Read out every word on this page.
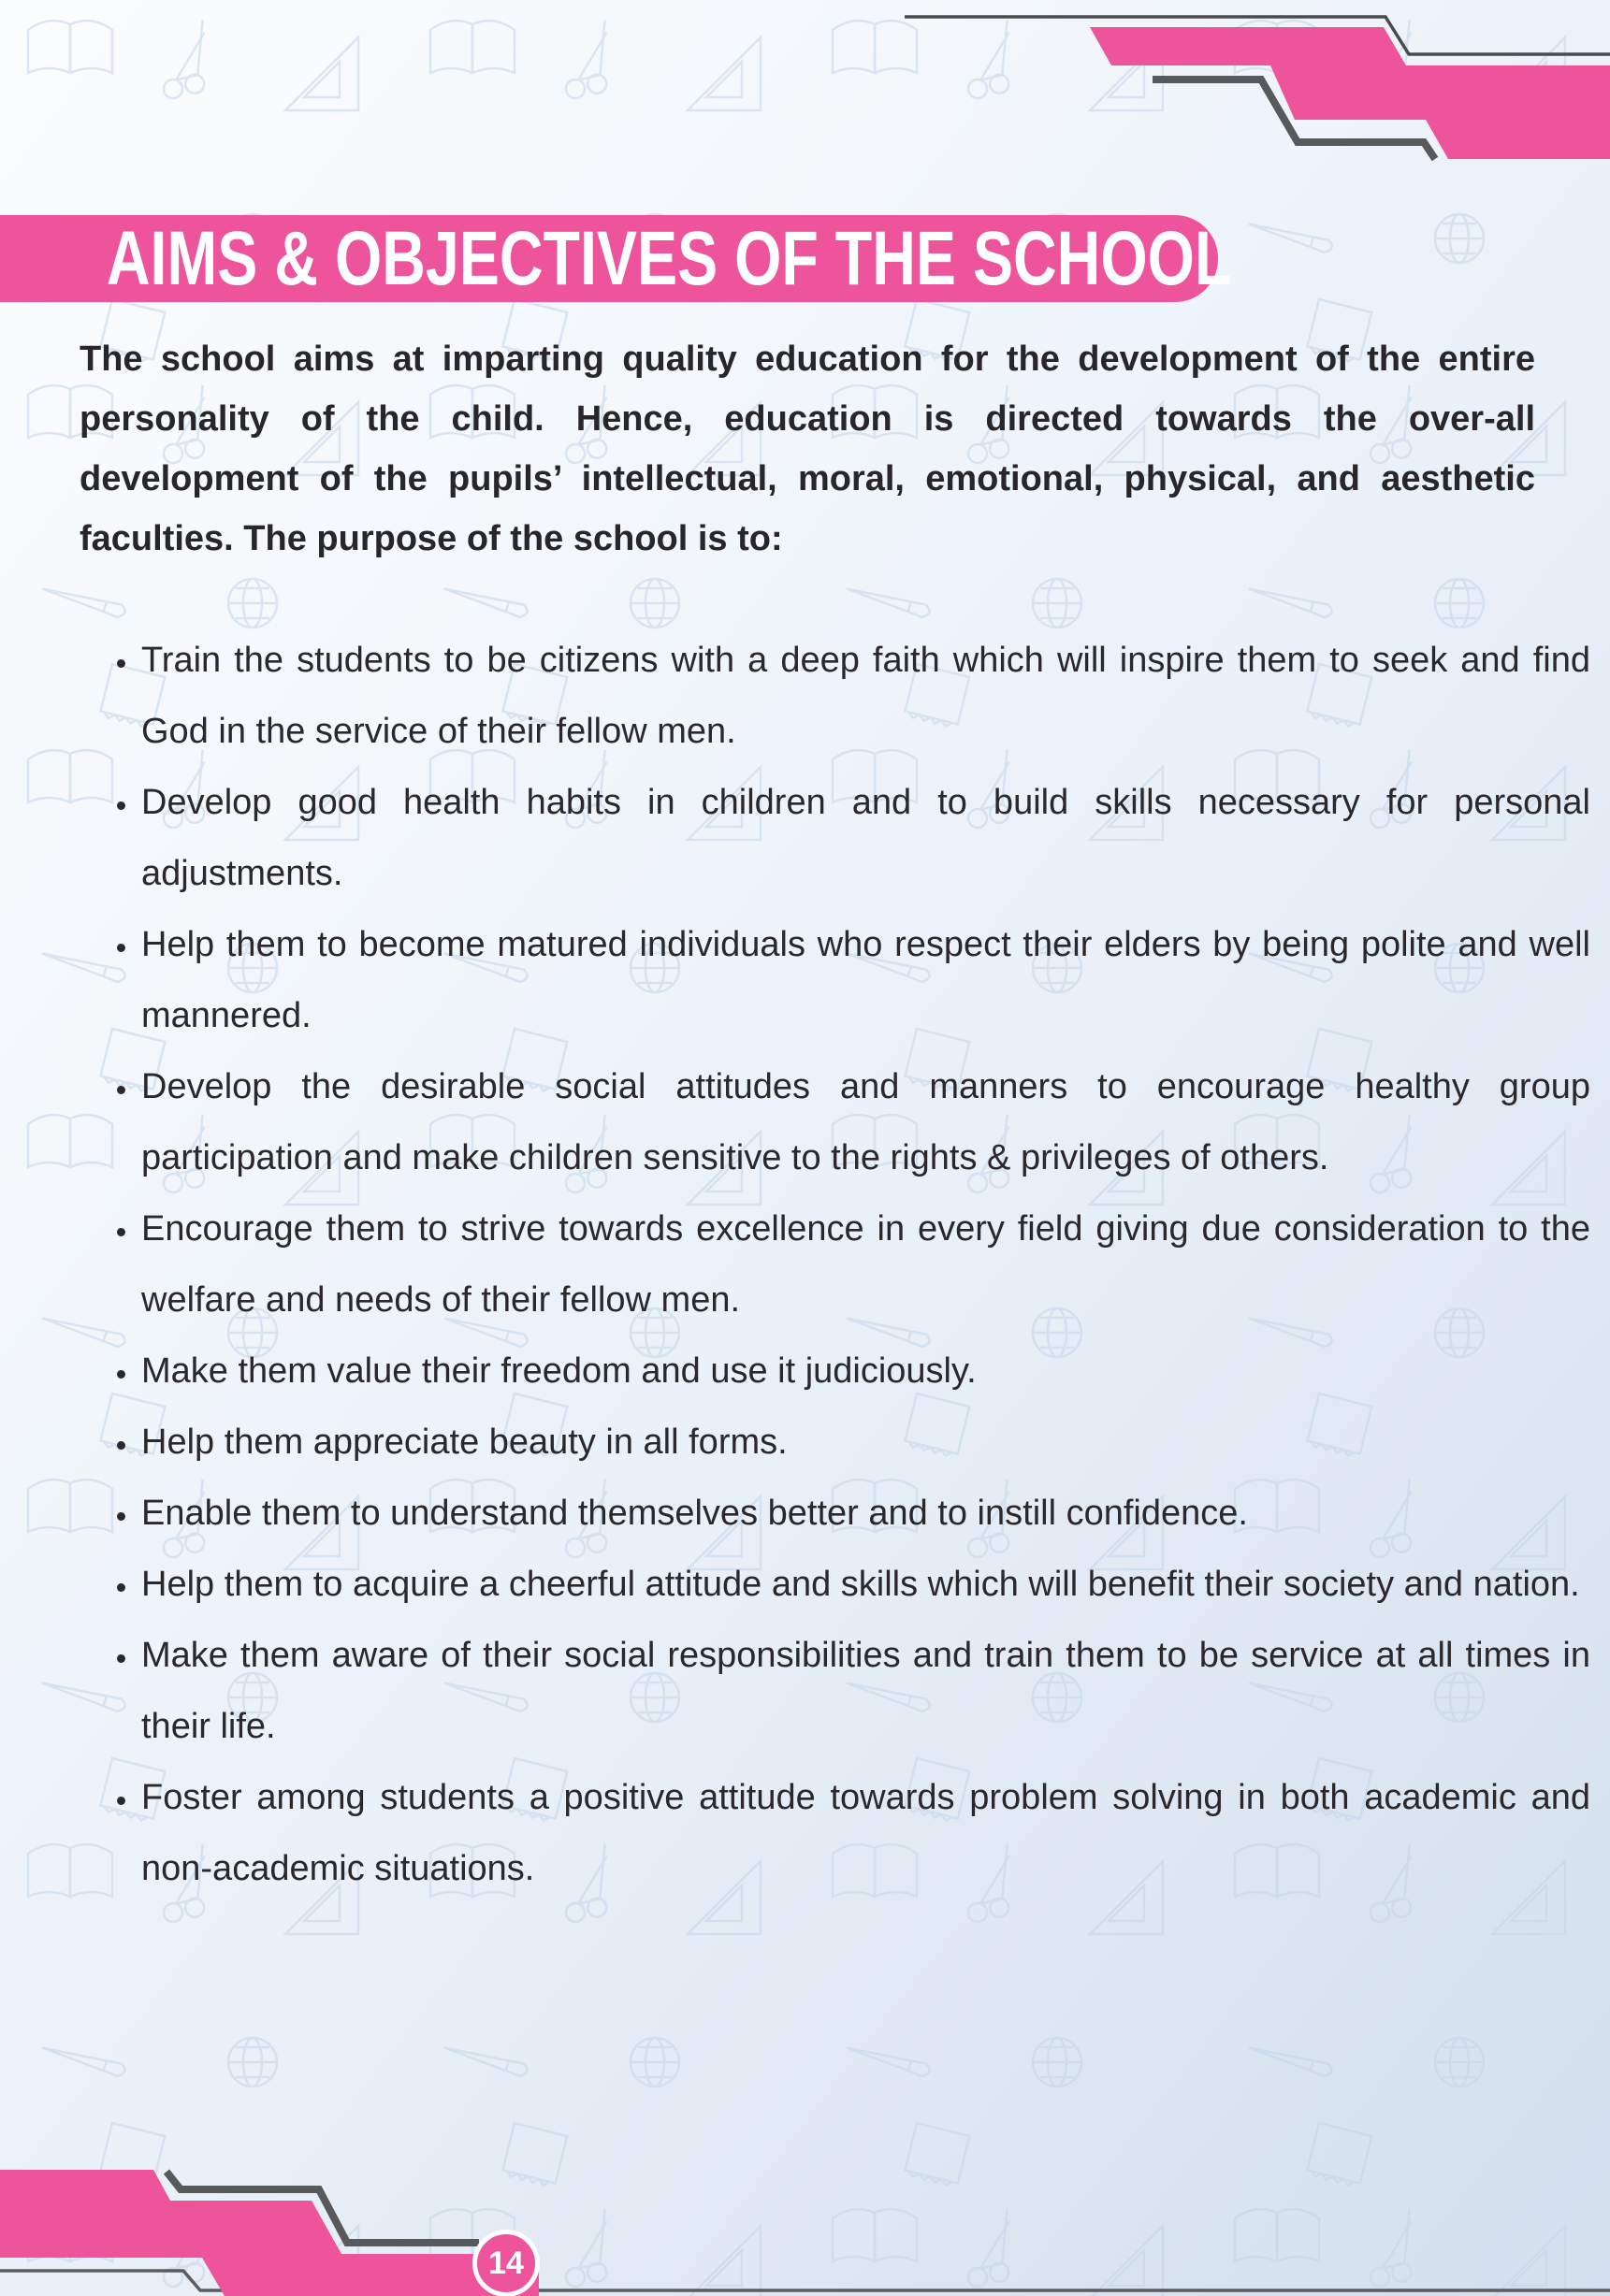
14
AIMS & OBJECTIVES OF THE SCHOOL

The school aims at imparting quality education for the development of the entire personality of the child. Hence, education is directed towards the over-all development of the pupils’ intellectual, moral, emotional, physical, and aesthetic faculties. The purpose of the school is to:

• Train the students to be citizens with a deep faith which will inspire them to seek and find God in the service of their fellow men.
• Develop good health habits in children and to build skills necessary for personal adjustments.
• Help them to become matured individuals who respect their elders by being polite and well mannered.
• Develop the desirable social attitudes and manners to encourage healthy group participation and make children sensitive to the rights & privileges of others.
• Encourage them to strive towards excellence in every field giving due consideration to the welfare and needs of their fellow men.
• Make them value their freedom and use it judiciously.
• Help them appreciate beauty in all forms.
• Enable them to understand themselves better and to instill confidence.
• Help them to acquire a cheerful attitude and skills which will benefit their society and nation.
• Make them aware of their social responsibilities and train them to be service at all times in their life.
• Foster among students a positive attitude towards problem solving in both academic and non-academic situations.
